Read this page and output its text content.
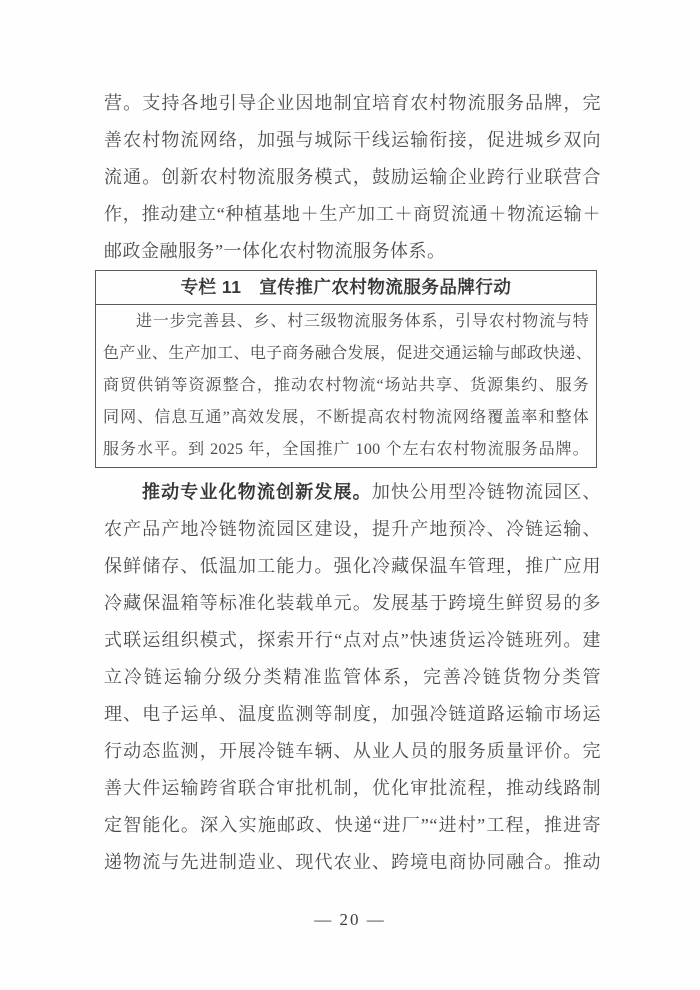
营。支持各地引导企业因地制宜培育农村物流服务品牌，完
善农村物流网络，加强与城际干线运输衔接，促进城乡双向
流通。创新农村物流服务模式，鼓励运输企业跨行业联营合
作，推动建立“种植基地＋生产加工＋商贸流通＋物流运输＋
邮政金融服务”一体化农村物流服务体系。
专栏 11　宣传推广农村物流服务品牌行动
进一步完善县、乡、村三级物流服务体系，引导农村物流与特
色产业、生产加工、电子商务融合发展，促进交通运输与邮政快递、
商贸供销等资源整合，推动农村物流“场站共享、货源集约、服务
同网、信息互通”高效发展，不断提高农村物流网络覆盖率和整体
服务水平。到 2025 年，全国推广 100 个左右农村物流服务品牌。
推动专业化物流创新发展。加快公用型冷链物流园区、
农产品产地冷链物流园区建设，提升产地预冷、冷链运输、
保鲜储存、低温加工能力。强化冷藏保温车管理，推广应用
冷藏保温箱等标准化装载单元。发展基于跨境生鲜贸易的多
式联运组织模式，探索开行“点对点”快速货运冷链班列。建
立冷链运输分级分类精准监管体系，完善冷链货物分类管
理、电子运单、温度监测等制度，加强冷链道路运输市场运
行动态监测，开展冷链车辆、从业人员的服务质量评价。完
善大件运输跨省联合审批机制，优化审批流程，推动线路制
定智能化。深入实施邮政、快递“进厂”“进村”工程，推进寄
递物流与先进制造业、现代农业、跨境电商协同融合。推动
— 20 —
